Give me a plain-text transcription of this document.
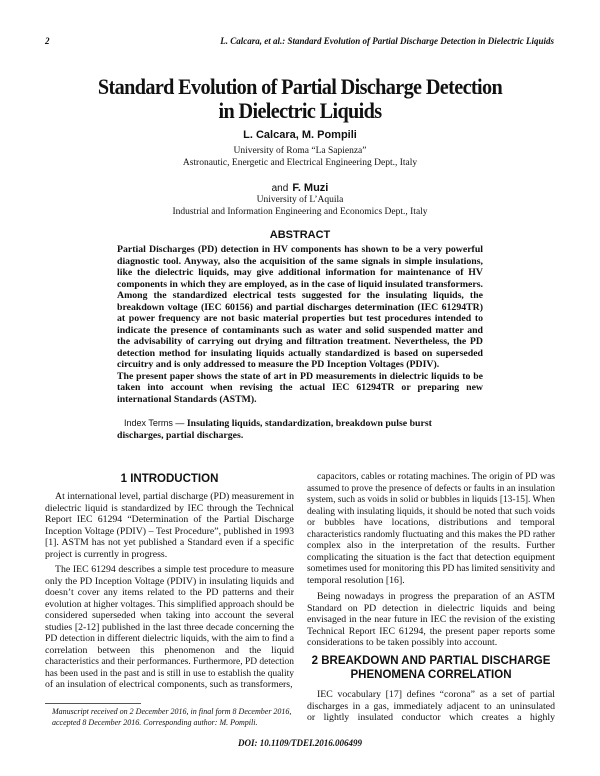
2	L. Calcara, et al.: Standard Evolution of Partial Discharge Detection in Dielectric Liquids
Standard Evolution of Partial Discharge Detection
in Dielectric Liquids
L. Calcara, M. Pompili
University of Roma “La Sapienza”
Astronautic, Energetic and Electrical Engineering Dept., Italy
and F. Muzi
University of L’Aquila
Industrial and Information Engineering and Economics Dept., Italy
ABSTRACT
Partial Discharges (PD) detection in HV components has shown to be a very powerful
diagnostic tool. Anyway, also the acquisition of the same signals in simple insulations,
like the dielectric liquids, may give additional information for maintenance of HV
components in which they are employed, as in the case of liquid insulated transformers.
Among the standardized electrical tests suggested for the insulating liquids, the
breakdown voltage (IEC 60156) and partial discharges determination (IEC 61294TR)
at power frequency are not basic material properties but test procedures intended to
indicate the presence of contaminants such as water and solid suspended matter and
the advisability of carrying out drying and filtration treatment. Nevertheless, the PD
detection method for insulating liquids actually standardized is based on superseded
circuitry and is only addressed to measure the PD Inception Voltages (PDIV).
The present paper shows the state of art in PD measurements in dielectric liquids to be
taken into account when revising the actual IEC 61294TR or preparing new
international Standards (ASTM).
Index Terms — Insulating liquids, standardization, breakdown pulse burst
discharges, partial discharges.
1 INTRODUCTION
At international level, partial discharge (PD) measurement in
dielectric liquid is standardized by IEC through the Technical
Report IEC 61294 “Determination of the Partial Discharge
Inception Voltage (PDIV) – Test Procedure”, published in 1993
[1]. ASTM has not yet published a Standard even if a specific
project is currently in progress.
The IEC 61294 describes a simple test procedure to measure
only the PD Inception Voltage (PDIV) in insulating liquids and
doesn’t cover any items related to the PD patterns and their
evolution at higher voltages. This simplified approach should be
considered superseded when taking into account the several
studies [2-12] published in the last three decade concerning the
PD detection in different dielectric liquids, with the aim to find a
correlation between this phenomenon and the liquid
characteristics and their performances. Furthermore, PD detection
has been used in the past and is still in use to establish the quality
of an insulation of electrical components, such as transformers,
capacitors, cables or rotating machines. The origin of PD was
assumed to prove the presence of defects or faults in an insulation
system, such as voids in solid or bubbles in liquids [13-15]. When
dealing with insulating liquids, it should be noted that such voids
or bubbles have locations, distributions and temporal
characteristics randomly fluctuating and this makes the PD rather
complex also in the interpretation of the results. Further
complicating the situation is the fact that detection equipment
sometimes used for monitoring this PD has limited sensitivity and
temporal resolution [16].
Being nowadays in progress the preparation of an ASTM
Standard on PD detection in dielectric liquids and being
envisaged in the near future in IEC the revision of the existing
Technical Report IEC 61294, the present paper reports some
considerations to be taken possibly into account.
2 BREAKDOWN AND PARTIAL DISCHARGE
PHENOMENA CORRELATION
IEC vocabulary [17] defines “corona” as a set of partial
discharges in a gas, immediately adjacent to an uninsulated
or lightly insulated conductor which creates a highly
Manuscript received on 2 December 2016, in final form 8 December 2016,
accepted 8 December 2016. Corresponding author: M. Pompili.
DOI: 10.1109/TDEI.2016.006499
